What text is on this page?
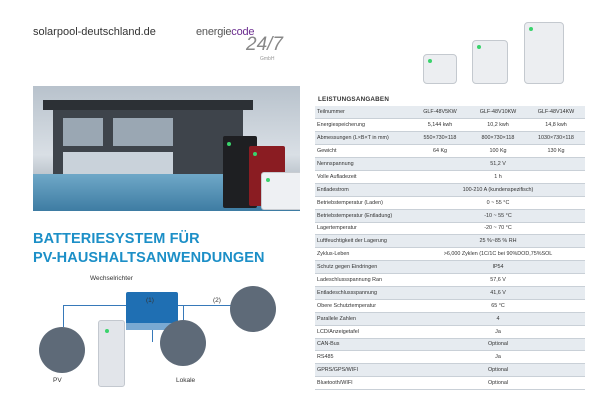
solarpool-deutschland.de	energiecode
24/7
GmbH
BATTERIESYSTEM FÜR
PV-HAUSHALTSANWENDUNGEN
Wechselrichter
(1)	(2)
PV	Lokale
LEISTUNGSANGABEN
Teilnummer	GLF-48V5KW	GLF-48V10KW	GLF-48V14KW
Energiespeicherung	5,144 kwh	10,2 kwh	14,8 kwh
Abmessungen (L×B×T in mm)	550×730×118	800×730×118	1030×730×118
Gewicht	64 Kg	100 Kg	130 Kg
Nennspannung	51,2 V		
Volle Aufladezeit	1 h		
Entladestrom	100-210 A (kundenspezifisch)		
Betriebstemperatur (Laden)	0 ~ 55 °C		
Betriebstemperatur (Entladung)	-10 ~ 55 °C		
Lagertemperatur	-20 ~ 70 °C		
Luftfeuchtigkeit der Lagerung	25 %~85 % RH		
Zyklus-Leben	>6,000 Zyklen (1C/1C bei 90%DOD,75%SOL		
Schutz gegen Eindringen	IP54		
Ladeschlussspannung Ran	57,6 V		
Entladeschlussspannung	41,6 V		
Obere Schutztemperatur	65 °C		
Parallele Zahlen	4		
LCD/Anzeigetafel	Ja		
CAN-Bus	Optional		
RS485	Ja		
GPRS/GPS/WIFI	Optional		
Bluetooth/WIFI	Optional		
